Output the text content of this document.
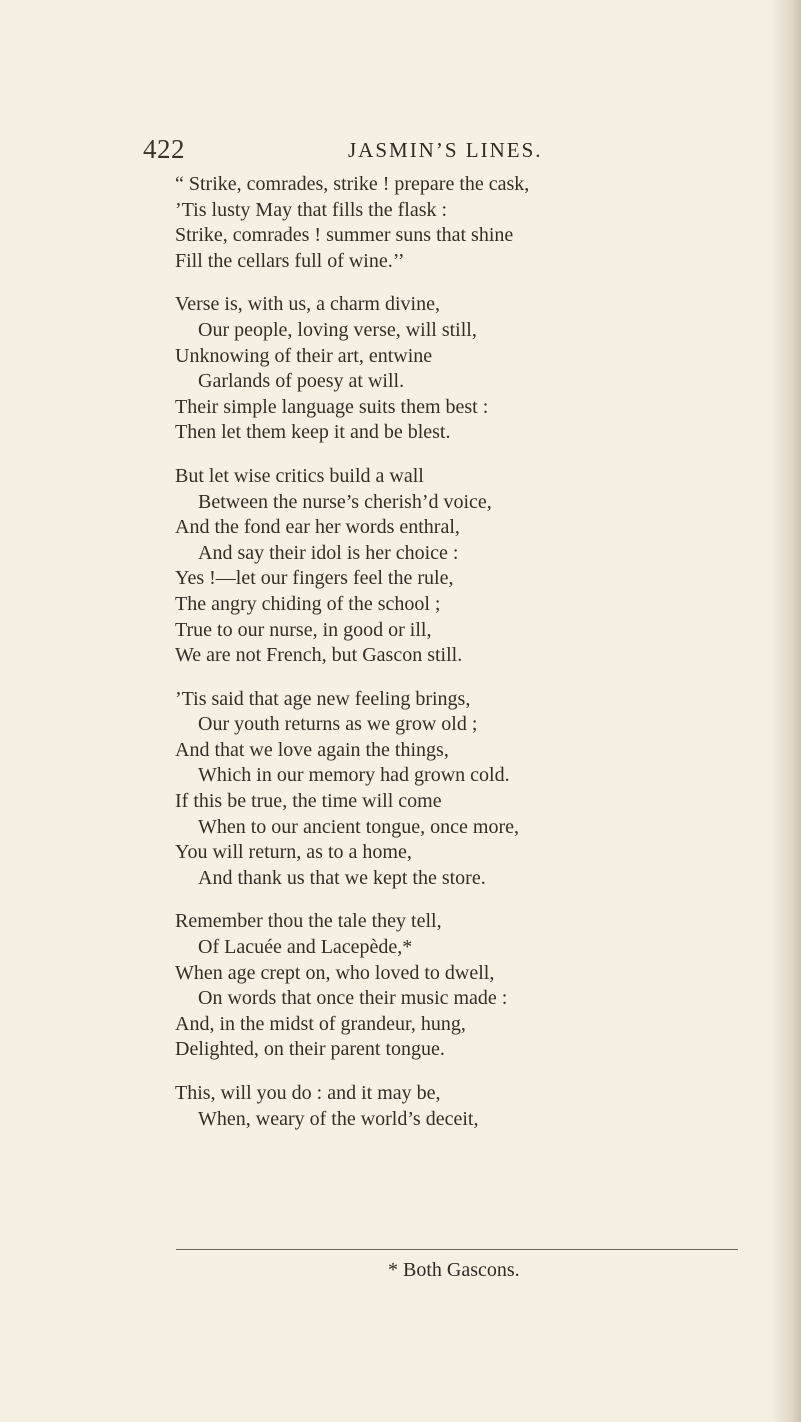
422	JASMIN’S LINES.
“ Strike, comrades, strike ! prepare the cask,
’Tis lusty May that fills the flask :
Strike, comrades ! summer suns that shine
Fill the cellars full of wine.’’
Verse is, with us, a charm divine,
Our people, loving verse, will still,
Unknowing of their art, entwine
Garlands of poesy at will.
Their simple language suits them best :
Then let them keep it and be blest.
But let wise critics build a wall
Between the nurse’s cherish’d voice,
And the fond ear her words enthral,
And say their idol is her choice :
Yes !—let our fingers feel the rule,
The angry chiding of the school ;
True to our nurse, in good or ill,
We are not French, but Gascon still.
’Tis said that age new feeling brings,
Our youth returns as we grow old ;
And that we love again the things,
Which in our memory had grown cold.
If this be true, the time will come
When to our ancient tongue, once more,
You will return, as to a home,
And thank us that we kept the store.
Remember thou the tale they tell,
Of Lacuée and Lacepède,*
When age crept on, who loved to dwell,
On words that once their music made :
And, in the midst of grandeur, hung,
Delighted, on their parent tongue.
This, will you do : and it may be,
When, weary of the world’s deceit,
* Both Gascons.
